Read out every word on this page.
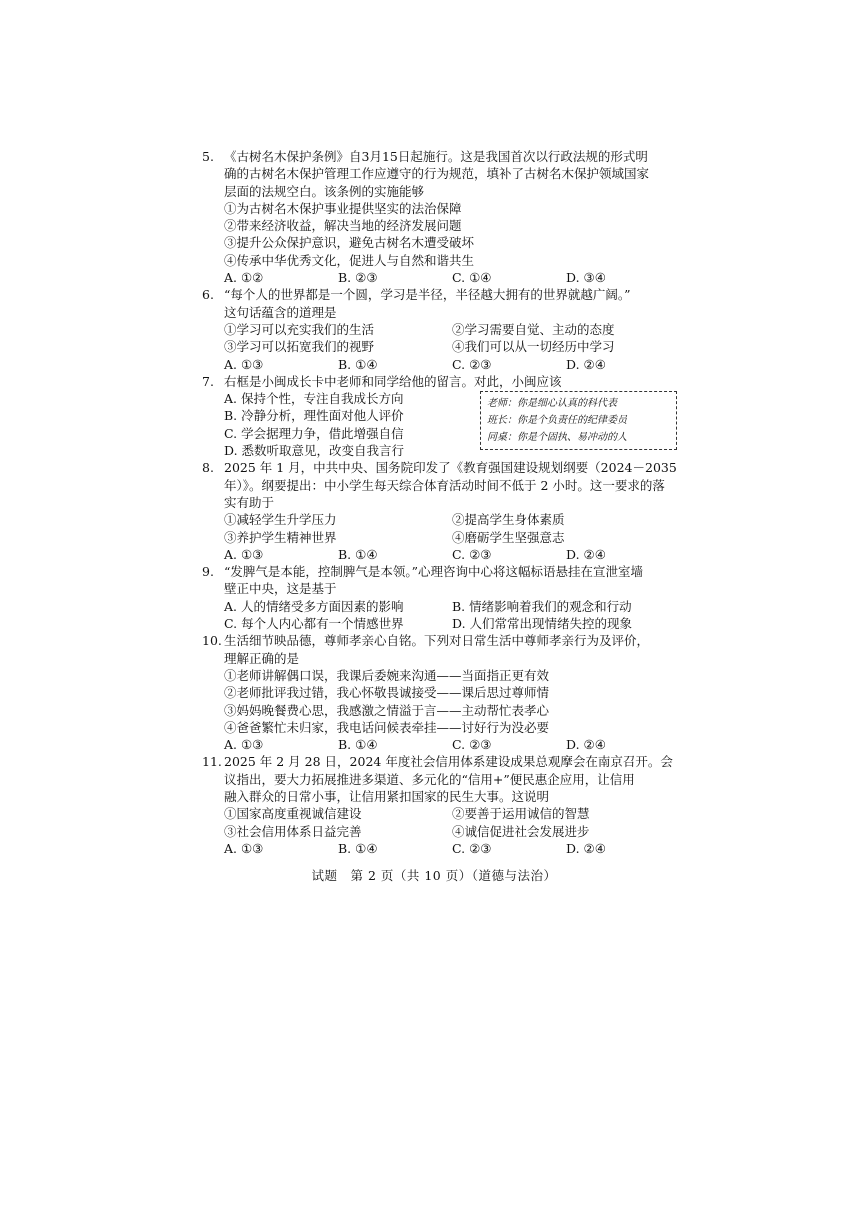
5. 《古树名木保护条例》自3月15日起施行。这是我国首次以行政法规的形式明
确的古树名木保护管理工作应遵守的行为规范，填补了古树名木保护领域国家
层面的法规空白。该条例的实施能够
①为古树名木保护事业提供坚实的法治保障
②带来经济收益，解决当地的经济发展问题
③提升公众保护意识，避免古树名木遭受破坏
④传承中华优秀文化，促进人与自然和谐共生
A. ①②	B. ②③	C. ①④	D. ③④
6. “每个人的世界都是一个圆，学习是半径，半径越大拥有的世界就越广阔。”
这句话蕴含的道理是
①学习可以充实我们的生活	②学习需要自觉、主动的态度
③学习可以拓宽我们的视野	④我们可以从一切经历中学习
A. ①③	B. ①④	C. ②③	D. ②④
7. 右框是小闽成长卡中老师和同学给他的留言。对此，小闽应该
A. 保持个性，专注自我成长方向
B. 冷静分析，理性面对他人评价
C. 学会据理力争，借此增强自信
D. 悉数听取意见，改变自我言行
老师：你是细心认真的科代表
班长：你是个负责任的纪律委员
同桌：你是个固执、易冲动的人
8. 2025 年 1 月，中共中央、国务院印发了《教育强国建设规划纲要（2024－2035
年）》。纲要提出：中小学生每天综合体育活动时间不低于 2 小时。这一要求的落
实有助于
①减轻学生升学压力	②提高学生身体素质
③养护学生精神世界	④磨砺学生坚强意志
A. ①③	B. ①④	C. ②③	D. ②④
9. “发脾气是本能，控制脾气是本领。”心理咨询中心将这幅标语悬挂在宣泄室墙
壁正中央，这是基于
A. 人的情绪受多方面因素的影响	B. 情绪影响着我们的观念和行动
C. 每个人内心都有一个情感世界	D. 人们常常出现情绪失控的现象
10. 生活细节映品德，尊师孝亲心自铭。下列对日常生活中尊师孝亲行为及评价，
理解正确的是
①老师讲解偶口误，我课后委婉来沟通——当面指正更有效
②老师批评我过错，我心怀敬畏诚接受——课后思过尊师情
③妈妈晚餐费心思，我感激之情溢于言——主动帮忙表孝心
④爸爸繁忙未归家，我电话问候表牵挂——讨好行为没必要
A. ①③	B. ①④	C. ②③	D. ②④
11. 2025 年 2 月 28 日，2024 年度社会信用体系建设成果总观摩会在南京召开。会
议指出，要大力拓展推进多渠道、多元化的“信用+”便民惠企应用，让信用
融入群众的日常小事，让信用紧扣国家的民生大事。这说明
①国家高度重视诚信建设	②要善于运用诚信的智慧
③社会信用体系日益完善	④诚信促进社会发展进步
A. ①③	B. ①④	C. ②③	D. ②④
试题　第 2 页（共 10 页）（道德与法治）
